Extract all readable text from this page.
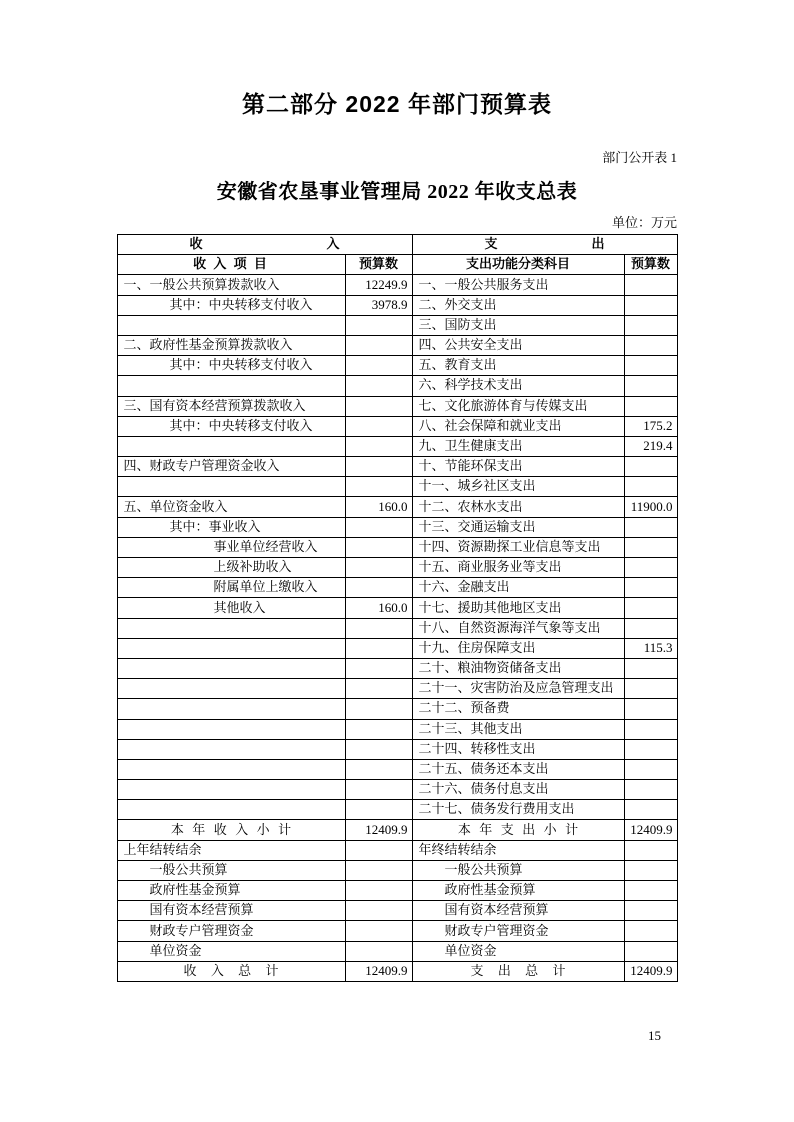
第二部分 2022 年部门预算表
部门公开表 1
安徽省农垦事业管理局 2022 年收支总表
单位：万元
收 入		支 出	

收 入 项 目	预算数	支出功能分类科目	预算数
一、一般公共预算拨款收入	12249.9	一、一般公共服务支出	
其中：中央转移支付收入	3978.9	二、外交支出	
		三、国防支出	
二、政府性基金预算拨款收入		四、公共安全支出	
其中：中央转移支付收入		五、教育支出	
		六、科学技术支出	
三、国有资本经营预算拨款收入		七、文化旅游体育与传媒支出	
其中：中央转移支付收入		八、社会保障和就业支出	175.2
		九、卫生健康支出	219.4
四、财政专户管理资金收入		十、节能环保支出	
		十一、城乡社区支出	
五、单位资金收入	160.0	十二、农林水支出	11900.0
其中：事业收入		十三、交通运输支出	
事业单位经营收入		十四、资源勘探工业信息等支出	
上级补助收入		十五、商业服务业等支出	
附属单位上缴收入		十六、金融支出	
其他收入	160.0	十七、援助其他地区支出	
		十八、自然资源海洋气象等支出	
		十九、住房保障支出	115.3
		二十、粮油物资储备支出	
		二十一、灾害防治及应急管理支出	
		二十二、预备费	
		二十三、其他支出	
		二十四、转移性支出	
		二十五、债务还本支出	
		二十六、债务付息支出	
		二十七、债务发行费用支出	
本年收入小计	12409.9	本年支出小计	12409.9
上年结转结余		年终结转结余	
一般公共预算		一般公共预算	
政府性基金预算		政府性基金预算	
国有资本经营预算		国有资本经营预算	
财政专户管理资金		财政专户管理资金	
单位资金		单位资金	
收入总计	12409.9	支出总计	12409.9
15
